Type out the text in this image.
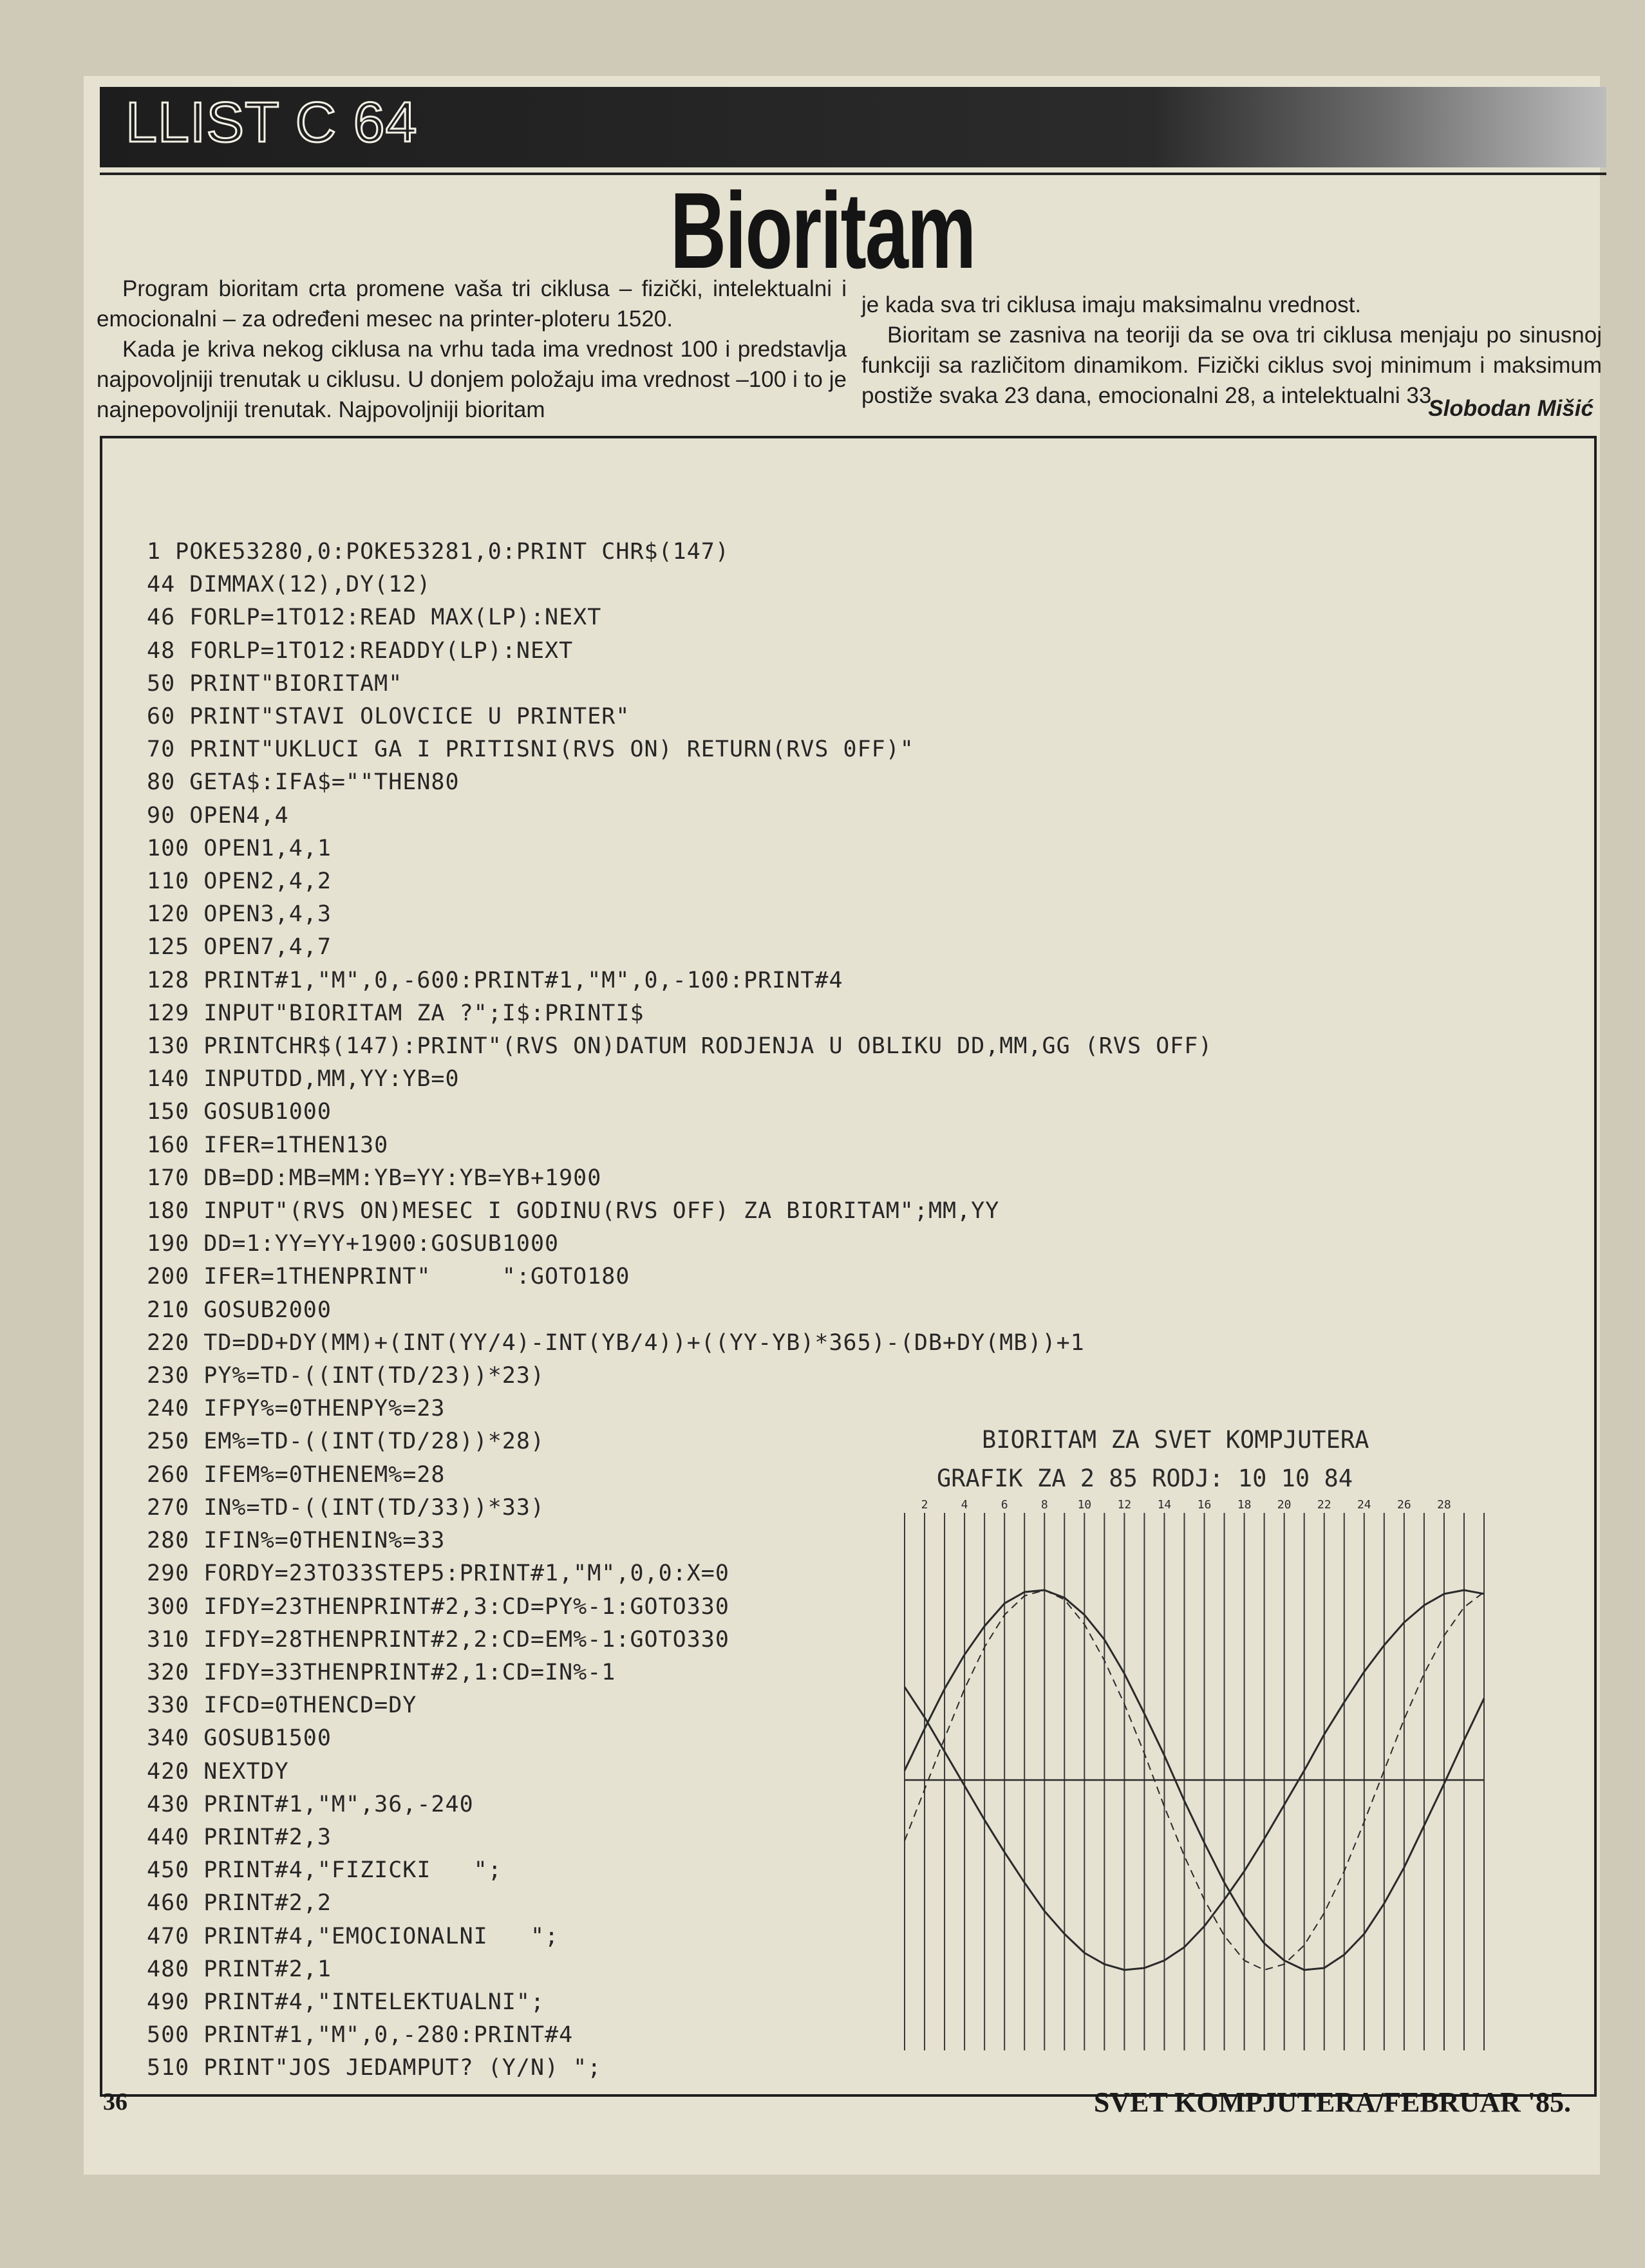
LLIST C 64
Bioritam

Program bioritam crta promene vaša tri ciklusa – fizički, intelektualni i emocionalni – za određeni mesec na printer-ploteru 1520.

Kada je kriva nekog ciklusa na vrhu tada ima vrednost 100 i predstavlja najpovoljniji trenutak u ciklusu. U donjem položaju ima vrednost –100 i to je najnepovoljniji trenutak. Najpovoljniji bioritam

je kada sva tri ciklusa imaju maksimalnu vrednost.

Bioritam se zasniva na teoriji da se ova tri ciklusa menjaju po sinusnoj funkciji sa različitom dinamikom. Fizički ciklus svoj minimum i maksimum postiže svaka 23 dana, emocionalni 28, a intelektualni 33.

Slobodan Mišić
1 POKE53280,0:POKE53281,0:PRINT CHR$(147)
44 DIMMAX(12),DY(12)
46 FORLP=1TO12:READ MAX(LP):NEXT
48 FORLP=1TO12:READDY(LP):NEXT
50 PRINT"BIORITAM"
60 PRINT"STAVI OLOVCICE U PRINTER"
70 PRINT"UKLUCI GA I PRITISNI(RVS ON) RETURN(RVS 0FF)"
80 GETA$:IFA$=""THEN80
90 OPEN4,4
100 OPEN1,4,1
110 OPEN2,4,2
120 OPEN3,4,3
125 OPEN7,4,7
128 PRINT#1,"M",0,-600:PRINT#1,"M",0,-100:PRINT#4
129 INPUT"BIORITAM ZA ?";I$:PRINTI$
130 PRINTCHR$(147):PRINT"(RVS ON)DATUM RODJENJA U OBLIKU DD,MM,GG (RVS OFF)
140 INPUTDD,MM,YY:YB=0
150 GOSUB1000
160 IFER=1THEN130
170 DB=DD:MB=MM:YB=YY:YB=YB+1900
180 INPUT"(RVS ON)MESEC I GODINU(RVS OFF) ZA BIORITAM";MM,YY
190 DD=1:YY=YY+1900:GOSUB1000
200 IFER=1THENPRINT"     ":GOTO180
210 GOSUB2000
220 TD=DD+DY(MM)+(INT(YY/4)-INT(YB/4))+((YY-YB)*365)-(DB+DY(MB))+1
230 PY%=TD-((INT(TD/23))*23)
240 IFPY%=0THENPY%=23
250 EM%=TD-((INT(TD/28))*28)
260 IFEM%=0THENEM%=28
270 IN%=TD-((INT(TD/33))*33)
280 IFIN%=0THENIN%=33
290 FORDY=23TO33STEP5:PRINT#1,"M",0,0:X=0
300 IFDY=23THENPRINT#2,3:CD=PY%-1:GOTO330
310 IFDY=28THENPRINT#2,2:CD=EM%-1:GOTO330
320 IFDY=33THENPRINT#2,1:CD=IN%-1
330 IFCD=0THENCD=DY
340 GOSUB1500
420 NEXTDY
430 PRINT#1,"M",36,-240
440 PRINT#2,3
450 PRINT#4,"FIZICKI   ";
460 PRINT#2,2
470 PRINT#4,"EMOCIONALNI   ";
480 PRINT#2,1
490 PRINT#4,"INTELEKTUALNI";
500 PRINT#1,"M",0,-280:PRINT#4
510 PRINT"JOS JEDAMPUT? (Y/N) ";

BIORITAM ZA SVET KOMPJUTERA
GRAFIK ZA 2 85 RODJ: 10 10 84
2	4	6	8	10 12 14 16 18 20 22 24 26 28
36	SVET KOMPJUTERA/FEBRUAR '85.
